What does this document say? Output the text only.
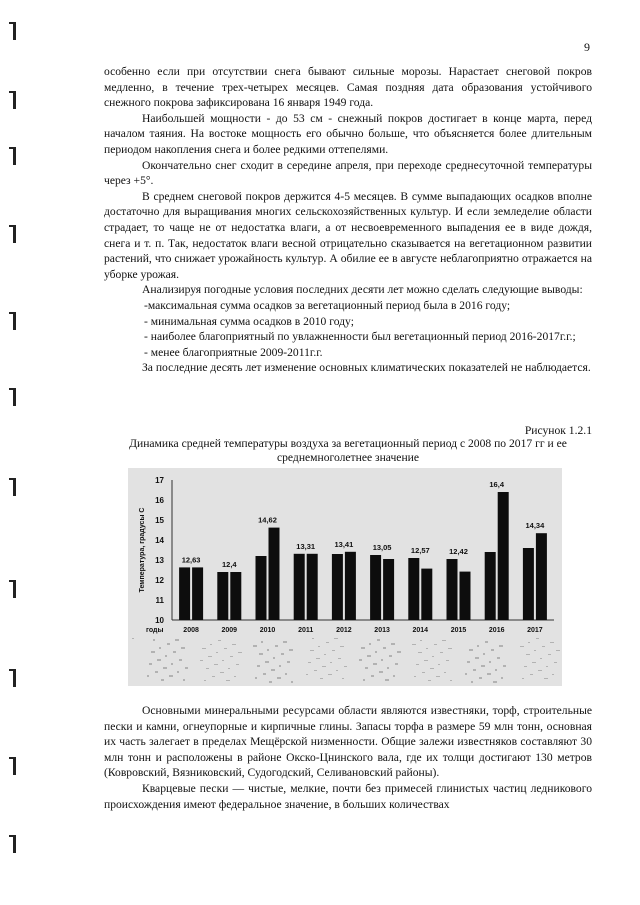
9

особенно если при отсутствии снега бывают сильные морозы. Нарастает снеговой покров медленно, в течение трех-четырех месяцев. Самая поздняя дата образования устойчивого снежного покрова зафиксирована 16 января 1949 года.

Наибольшей мощности - до 53 см - снежный покров достигает в конце марта, перед началом таяния. На востоке мощность его обычно больше, что объясняется более длительным периодом накопления снега и более редкими оттепелями.

Окончательно снег сходит в середине апреля, при переходе среднесуточной температуры через +5°.

В среднем снеговой покров держится 4-5 месяцев. В сумме выпадающих осадков вполне достаточно для выращивания многих сельскохозяйственных культур. И если земледелие области страдает, то чаще не от недостатка влаги, а от несвоевременного выпадения ее в виде дождя, снега и т. п. Так, недостаток влаги весной отрицательно сказывается на вегетационном развитии растений, что снижает урожайность культур. А обилие ее в августе неблагоприятно отражается на уборке урожая.

Анализируя погодные условия последних десяти лет можно сделать следующие выводы:

-максимальная сумма осадков за вегетационный период была в 2016 году;

- минимальная сумма осадков в 2010 году;

- наиболее благоприятный по увлажненности был вегетационный период 2016-2017г.г.;

- менее благоприятные 2009-2011г.г.

За последние десять лет изменение основных климатических показателей не наблюдается.

Рисунок 1.2.1
Динамика средней температуры воздуха за вегетационный период с 2008 по 2017 гг и ее среднемноголетнее значение
10
11
12
13
14
15
16
17
Температура, градусы С
годы
12,63
2008
12,4
2009
14,62
2010
13,31
2011
13,41
2012
13,05
2013
12,57
2014
12,42
2015
16,4
2016
14,34
2017

Основными минеральными ресурсами области являются известняки, торф, строительные пески и камни, огнеупорные и кирпичные глины. Запасы торфа в размере 59 млн тонн, основная их часть залегает в пределах Мещёрской низменности. Общие залежи известняков составляют 30 млн тонн и расположены в районе Окско-Цнинского вала, где их толщи достигают 130 метров (Ковровский, Вязниковский, Судогодский, Селивановский районы).

Кварцевые пески — чистые, мелкие, почти без примесей глинистых частиц ледникового происхождения имеют федеральное значение, в больших количествах
